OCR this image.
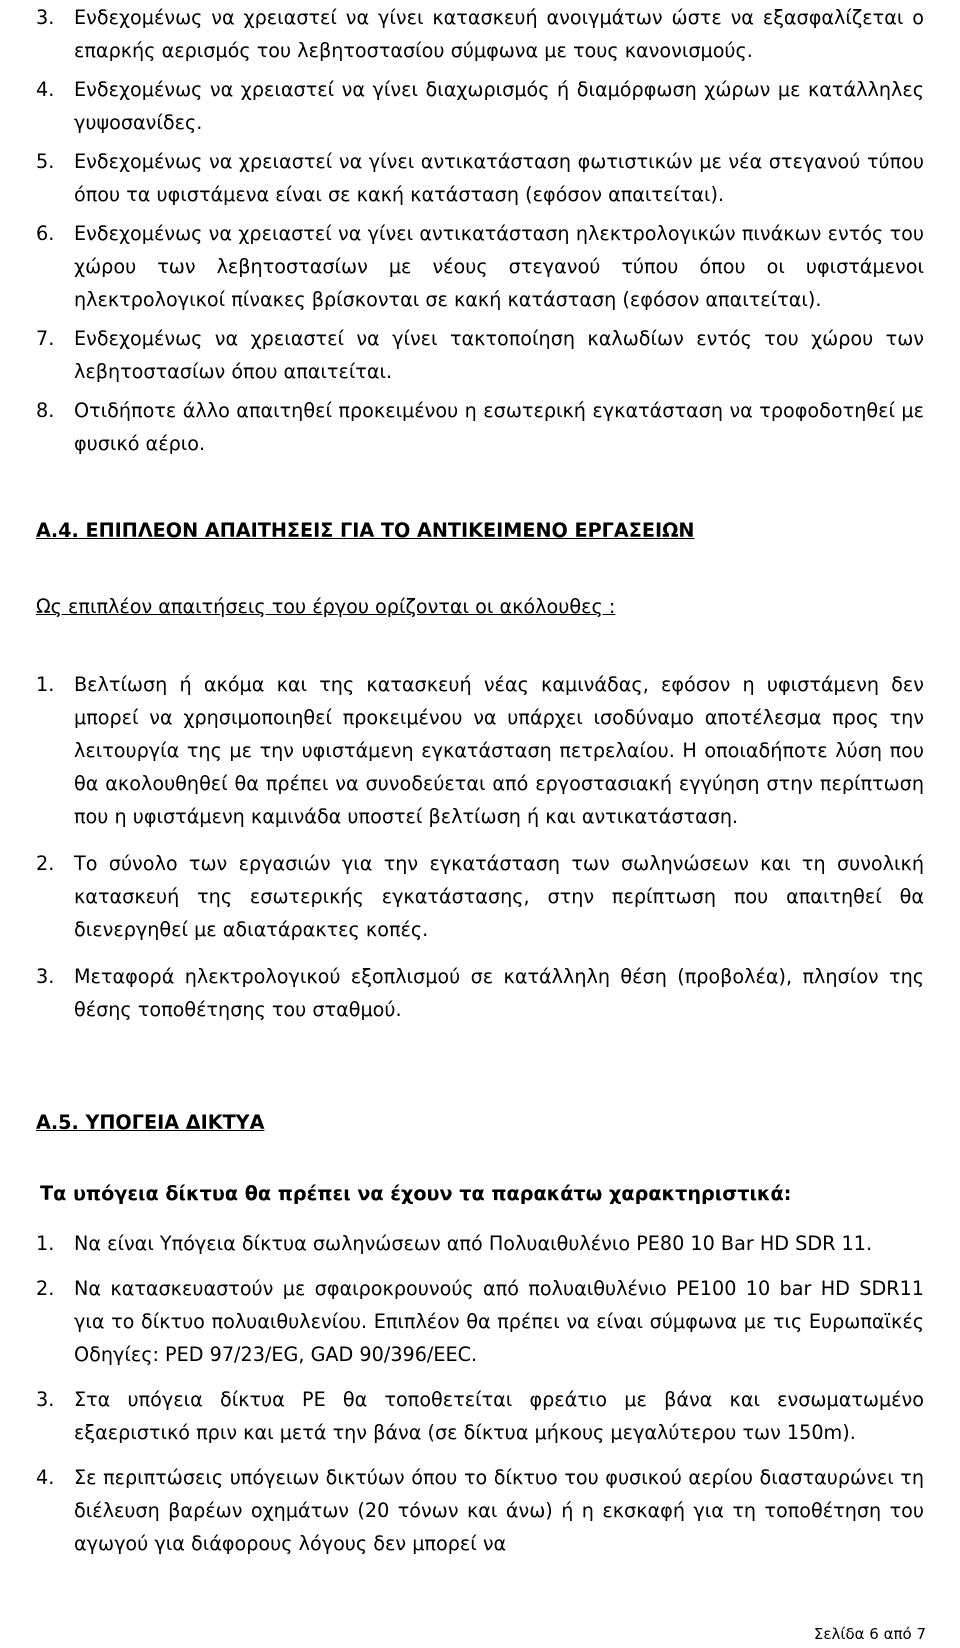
3. Ενδεχομένως να χρειαστεί να γίνει κατασκευή ανοιγμάτων ώστε να εξασφαλίζεται ο επαρκής αερισμός του λεβητοστασίου σύμφωνα με τους κανονισμούς.
4. Ενδεχομένως να χρειαστεί να γίνει διαχωρισμός ή διαμόρφωση χώρων με κατάλληλες γυψοσανίδες.
5. Ενδεχομένως να χρειαστεί να γίνει αντικατάσταση φωτιστικών με νέα στεγανού τύπου όπου τα υφιστάμενα είναι σε κακή κατάσταση (εφόσον απαιτείται).
6. Ενδεχομένως να χρειαστεί να γίνει αντικατάσταση ηλεκτρολογικών πινάκων εντός του χώρου των λεβητοστασίων με νέους στεγανού τύπου όπου οι υφιστάμενοι ηλεκτρολογικοί πίνακες βρίσκονται σε κακή κατάσταση (εφόσον απαιτείται).
7. Ενδεχομένως να χρειαστεί να γίνει τακτοποίηση καλωδίων εντός του χώρου των λεβητοστασίων όπου απαιτείται.
8. Οτιδήποτε άλλο απαιτηθεί προκειμένου η εσωτερική εγκατάσταση να τροφοδοτηθεί με φυσικό αέριο.

Α.4. ΕΠΙΠΛΕΟΝ ΑΠΑΙΤΗΣΕΙΣ ΓΙΑ ΤΟ ΑΝΤΙΚΕΙΜΕΝΟ ΕΡΓΑΣΕΙΩΝ

Ως επιπλέον απαιτήσεις του έργου ορίζονται οι ακόλουθες :

1. Βελτίωση ή ακόμα και της κατασκευή νέας καμινάδας, εφόσον η υφιστάμενη δεν μπορεί να χρησιμοποιηθεί προκειμένου να υπάρχει ισοδύναμο αποτέλεσμα προς την λειτουργία της με την υφιστάμενη εγκατάσταση πετρελαίου. Η οποιαδήποτε λύση που θα ακολουθηθεί θα πρέπει να συνοδεύεται από εργοστασιακή εγγύηση στην περίπτωση που η υφιστάμενη καμινάδα υποστεί βελτίωση ή και αντικατάσταση.
2. Το σύνολο των εργασιών για την εγκατάσταση των σωληνώσεων και τη συνολική κατασκευή της εσωτερικής εγκατάστασης, στην περίπτωση που απαιτηθεί θα διενεργηθεί με αδιατάρακτες κοπές.
3. Μεταφορά ηλεκτρολογικού εξοπλισμού σε κατάλληλη θέση (προβολέα), πλησίον της θέσης τοποθέτησης του σταθμού.

Α.5. ΥΠΟΓΕΙΑ ΔΙΚΤΥΑ

Τα υπόγεια δίκτυα θα πρέπει να έχουν τα παρακάτω χαρακτηριστικά:

1. Να είναι Υπόγεια δίκτυα σωληνώσεων από Πολυαιθυλένιο PE80 10 Bar HD SDR 11.
2. Να κατασκευαστούν με σφαιροκρουνούς από πολυαιθυλένιο PE100 10 bar HD SDR11 για το δίκτυο πολυαιθυλενίου. Επιπλέον θα πρέπει να είναι σύμφωνα με τις Ευρωπαϊκές Οδηγίες: PED 97/23/EG, GAD 90/396/EEC.
3. Στα υπόγεια δίκτυα PE θα τοποθετείται φρεάτιο με βάνα και ενσωματωμένο εξαεριστικό πριν και μετά την βάνα (σε δίκτυα μήκους μεγαλύτερου των 150m).
4. Σε περιπτώσεις υπόγειων δικτύων όπου το δίκτυο του φυσικού αερίου διασταυρώνει τη διέλευση βαρέων οχημάτων (20 τόνων και άνω) ή η εκσκαφή για τη τοποθέτηση του αγωγού για διάφορους λόγους δεν μπορεί να
Σελίδα 6 από 7
